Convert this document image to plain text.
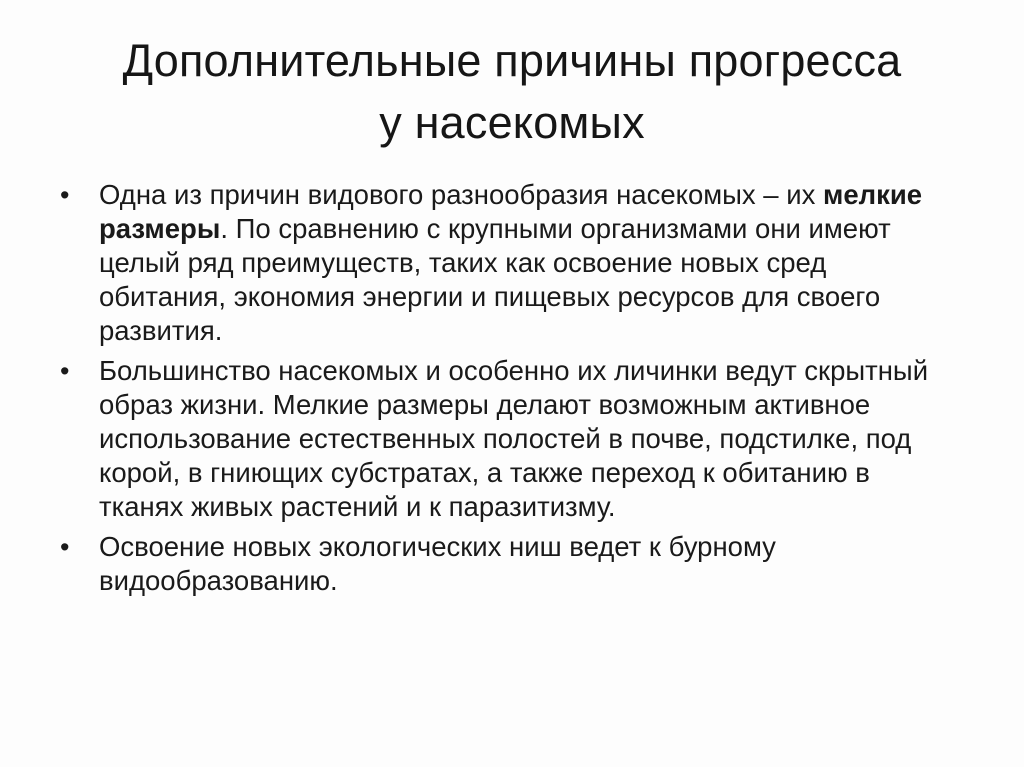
Дополнительные причины прогресса
у насекомых
•	Одна из причин видового разнообразия насекомых – их мелкие размеры. По сравнению с крупными организмами они имеют целый ряд преимуществ, таких как освоение новых сред обитания, экономия энергии и пищевых ресурсов для своего развития.
•	Большинство насекомых и особенно их личинки ведут скрытный образ жизни. Мелкие размеры делают возможным активное использование естественных полостей в почве, подстилке, под корой, в гниющих субстратах, а также переход к обитанию в тканях живых растений и к паразитизму.
•	Освоение новых экологических ниш ведет к бурному видообразованию.
